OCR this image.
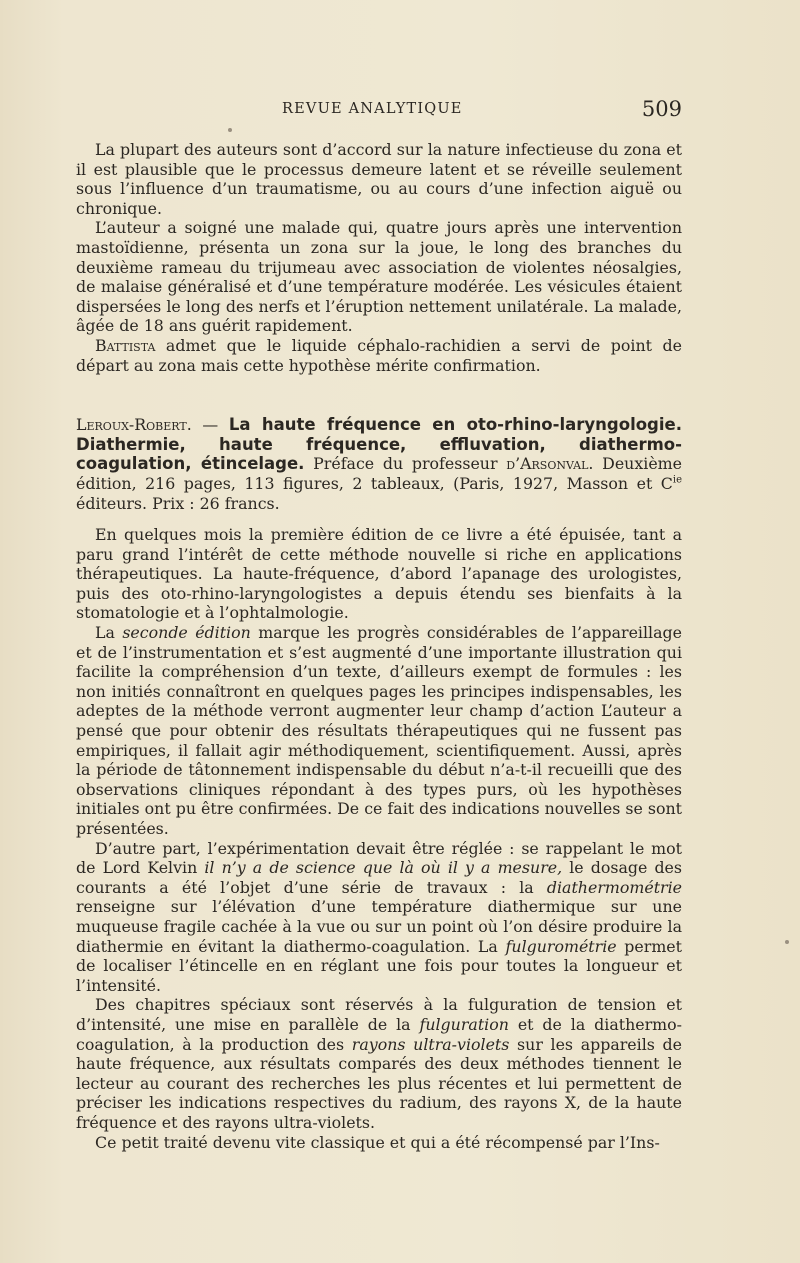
REVUE ANALYTIQUE	509

La plupart des auteurs sont d’accord sur la nature infectieuse du zona et il est plausible que le processus demeure latent et se réveille seulement sous l’influence d’un traumatisme, ou au cours d’une infection aiguë ou chronique.

L’auteur a soigné une malade qui, quatre jours après une intervention mastoïdienne, présenta un zona sur la joue, le long des branches du deuxième rameau du trijumeau avec association de violentes néosalgies, de malaise généralisé et d’une température modérée. Les vésicules étaient dispersées le long des nerfs et l’éruption nettement unilatérale. La malade, âgée de 18 ans guérit rapidement.

Battista admet que le liquide céphalo-rachidien a servi de point de départ au zona mais cette hypothèse mérite confirmation.

Leroux-Robert. — La haute fréquence en oto-rhino-laryngologie. Diathermie, haute fréquence, effluvation, diathermo-coagulation, étincelage. Préface du professeur d’Arsonval. Deuxième édition, 216 pages, 113 figures, 2 tableaux, (Paris, 1927, Masson et $C^{ie}$ éditeurs. Prix : 26 francs.

En quelques mois la première édition de ce livre a été épuisée, tant a paru grand l’intérêt de cette méthode nouvelle si riche en applications thérapeutiques. La haute-fréquence, d’abord l’apanage des urologistes, puis des oto-rhino-laryngologistes a depuis étendu ses bienfaits à la stomatologie et à l’ophtalmologie.

La seconde édition marque les progrès considérables de l’appareillage et de l’instrumentation et s’est augmenté d’une importante illustration qui facilite la compréhension d’un texte, d’ailleurs exempt de formules : les non initiés connaîtront en quelques pages les principes indispensables, les adeptes de la méthode verront augmenter leur champ d’action L’auteur a pensé que pour obtenir des résultats thérapeutiques qui ne fussent pas empiriques, il fallait agir méthodiquement, scientifiquement. Aussi, après la période de tâtonnement indispensable du début n’a-t-il recueilli que des observations cliniques répondant à des types purs, où les hypothèses initiales ont pu être confirmées. De ce fait des indications nouvelles se sont présentées.

D’autre part, l’expérimentation devait être réglée : se rappelant le mot de Lord Kelvin il n’y a de science que là où il y a mesure, le dosage des courants a été l’objet d’une série de travaux : la diathermométrie renseigne sur l’élévation d’une température diathermique sur une muqueuse fragile cachée à la vue ou sur un point où l’on désire produire la diathermie en évitant la diathermo-coagulation. La fulgurométrie permet de localiser l’étincelle en en réglant une fois pour toutes la longueur et l’intensité.

Des chapitres spéciaux sont réservés à la fulguration de tension et d’intensité, une mise en parallèle de la fulguration et de la diathermo-coagulation, à la production des rayons ultra-violets sur les appareils de haute fréquence, aux résultats comparés des deux méthodes tiennent le lecteur au courant des recherches les plus récentes et lui permettent de préciser les indications respectives du radium, des rayons X, de la haute fréquence et des rayons ultra-violets.

Ce petit traité devenu vite classique et qui a été récompensé par l’Ins-
